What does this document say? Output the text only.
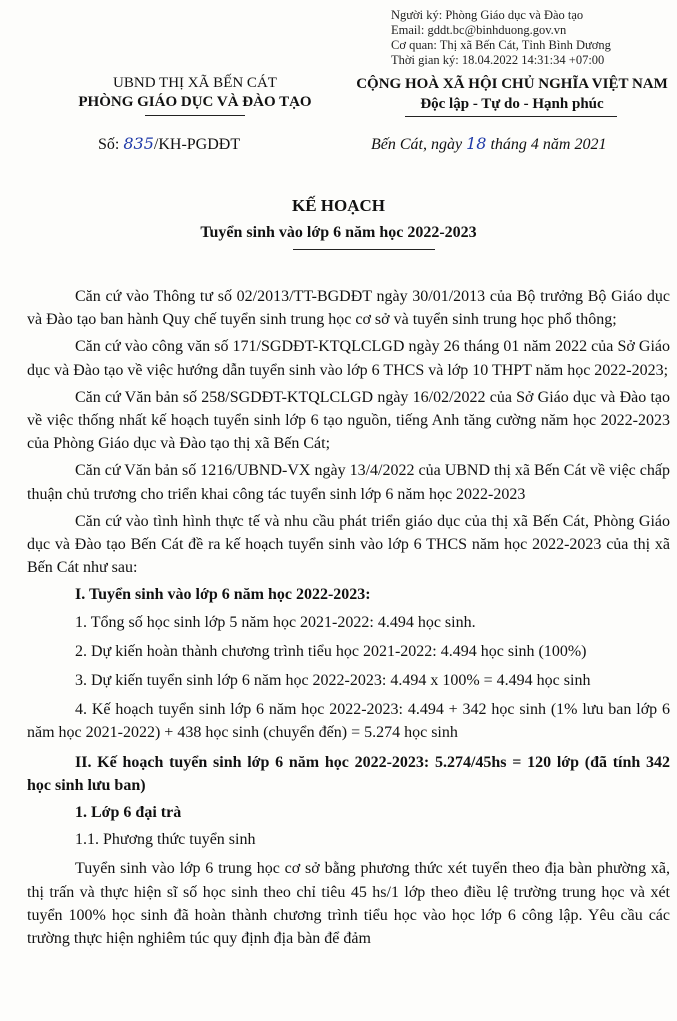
Người ký: Phòng Giáo dục và Đào tạo
Email: gddt.bc@binhduong.gov.vn
Cơ quan: Thị xã Bến Cát, Tỉnh Bình Dương
Thời gian ký: 18.04.2022 14:31:34 +07:00
UBND THỊ XÃ BẾN CÁT
PHÒNG GIÁO DỤC VÀ ĐÀO TẠO
CỘNG HOÀ XÃ HỘI CHỦ NGHĨA VIỆT NAM
Độc lập - Tự do - Hạnh phúc
Số: 835/KH-PGDĐT	Bến Cát, ngày 18 tháng 4 năm 2021
KẾ HOẠCH
Tuyển sinh vào lớp 6 năm học 2022-2023

Căn cứ vào Thông tư số 02/2013/TT-BGDĐT ngày 30/01/2013 của Bộ trưởng Bộ Giáo dục và Đào tạo ban hành Quy chế tuyển sinh trung học cơ sở và tuyển sinh trung học phổ thông;

Căn cứ vào công văn số 171/SGDĐT-KTQLCLGD ngày 26 tháng 01 năm 2022 của Sở Giáo dục và Đào tạo về việc hướng dẫn tuyển sinh vào lớp 6 THCS và lớp 10 THPT năm học 2022-2023;

Căn cứ Văn bản số 258/SGDĐT-KTQLCLGD ngày 16/02/2022 của Sở Giáo dục và Đào tạo về việc thống nhất kế hoạch tuyển sinh lớp 6 tạo nguồn, tiếng Anh tăng cường năm học 2022-2023 của Phòng Giáo dục và Đào tạo thị xã Bến Cát;

Căn cứ Văn bản số 1216/UBND-VX ngày 13/4/2022 của UBND thị xã Bến Cát về việc chấp thuận chủ trương cho triển khai công tác tuyển sinh lớp 6 năm học 2022-2023

Căn cứ vào tình hình thực tế và nhu cầu phát triển giáo dục của thị xã Bến Cát, Phòng Giáo dục và Đào tạo Bến Cát đề ra kế hoạch tuyển sinh vào lớp 6 THCS năm học 2022-2023 của thị xã Bến Cát như sau:

I. Tuyển sinh vào lớp 6 năm học 2022-2023:

1. Tổng số học sinh lớp 5 năm học 2021-2022: 4.494 học sinh.

2. Dự kiến hoàn thành chương trình tiểu học 2021-2022: 4.494 học sinh (100%)

3. Dự kiến tuyển sinh lớp 6 năm học 2022-2023: 4.494 x 100% = 4.494 học sinh

4. Kế hoạch tuyển sinh lớp 6 năm học 2022-2023: 4.494 + 342 học sinh (1% lưu ban lớp 6 năm học 2021-2022) + 438 học sinh (chuyển đến) = 5.274 học sinh

II. Kế hoạch tuyển sinh lớp 6 năm học 2022-2023: 5.274/45hs = 120 lớp (đã tính 342 học sinh lưu ban)

1. Lớp 6 đại trà

1.1. Phương thức tuyển sinh

Tuyển sinh vào lớp 6 trung học cơ sở bằng phương thức xét tuyển theo địa bàn phường xã, thị trấn và thực hiện sĩ số học sinh theo chỉ tiêu 45 hs/1 lớp theo điều lệ trường trung học và xét tuyển 100% học sinh đã hoàn thành chương trình tiểu học vào học lớp 6 công lập. Yêu cầu các trường thực hiện nghiêm túc quy định địa bàn để đảm
